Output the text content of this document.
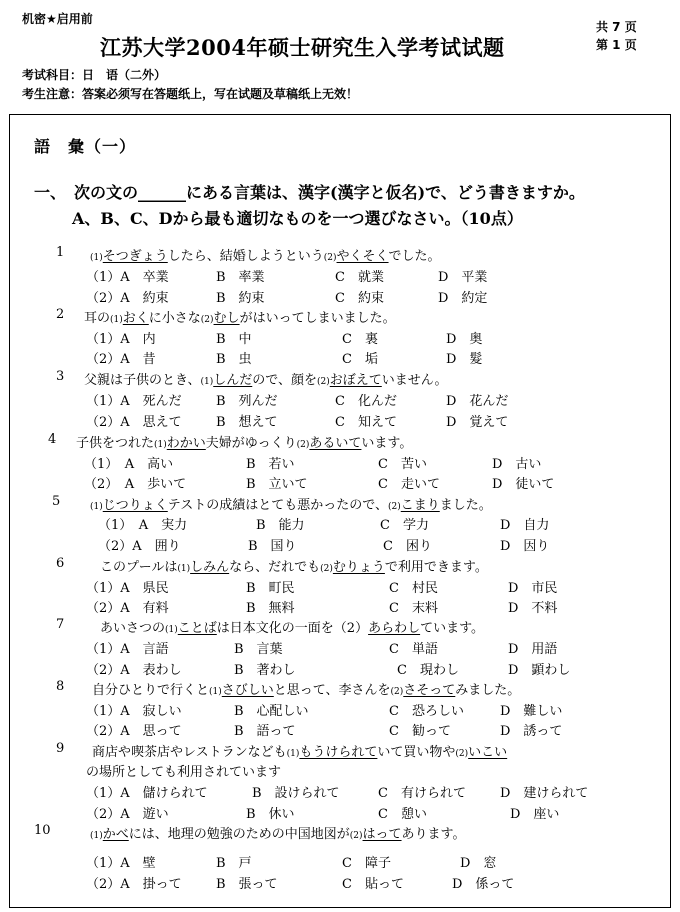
机密★启用前
江苏大学2004年硕士研究生入学考试试题
共 7 页
第 1 页
考试科目：日　语（二外）
考生注意：答案必须写在答题纸上，写在试题及草稿纸上无效！
語　彙（一）
一、　次の文の______にある言葉は、漢字(漢字と仮名)で、どう書きますか。
A、B、C、Dから最も適切なものを一つ選びなさい。（10点）
1	(1)そつぎょうしたら、結婚しようという(2)やくそくでした。
（1）A　卒業	B　率業	C　就業	D　平業
（2）A　約束	B　約束	C　約束	D　約定
2 耳の(1)おくに小さな(2)むしがはいってしまいました。
（1）A　内	B　中	C　裏	D　奥
（2）A　昔	B　虫	C　垢	D　髮
3 父親は子供のとき、(1)しんだので、顔を(2)おぼえていません。
（1）A　死んだ	B　列んだ	C　化んだ	D　花んだ
（2）A　思えて	B　想えて	C　知えて	D　覚えて
4 子供をつれた(1)わかい夫婦がゆっくり(2)あるいています。
（1）　A　高い	B　若い	C　苦い	D　古い
（2）　A　歩いて	B　立いて	C　走いて	D　徒いて
5	(1)じつりょくテストの成績はとても悪かったので、(2)こまりました。
（1）　A　実力	B　能力	C　学力	D　自力
（2）A　囲り	B　国り	C　困り	D　因り
6	このプールは(1)しみんなら、だれでも(2)むりょうで利用できます。
（1）A　県民	B　町民	C　村民	D　市民
（2）A　有料	B　無料	C　末料	D　不料
7	あいさつの(1)ことばは日本文化の一面を（2）あらわしています。
（1）A　言語	B　言葉	C　単語	D　用語
（2）A　表わし	B　著わし	C　現わし	D　顕わし
8 自分ひとりで行くと(1)さびしいと思って、李さんを(2)さそってみました。
（1）A　寂しい	B　心配しい	C　恐ろしい	D　難しい
（2）A　思って	B　語って	C　勧って	D　誘って
9 商店や喫茶店やレストランなども(1)もうけられていて買い物や(2)いこい
の場所としても利用されています
（1）A　儲けられて	B　設けられて	C　有けられて	D　建けられて
（2）A　遊い	B　休い	C　憩い	D　座い
10	(1)かべには、地理の勉強のための中国地図が(2)はってあります。
（1）A　壁	B　戸	C　障子	D　窓
（2）A　掛って	B　張って	C　貼って	D　係って
